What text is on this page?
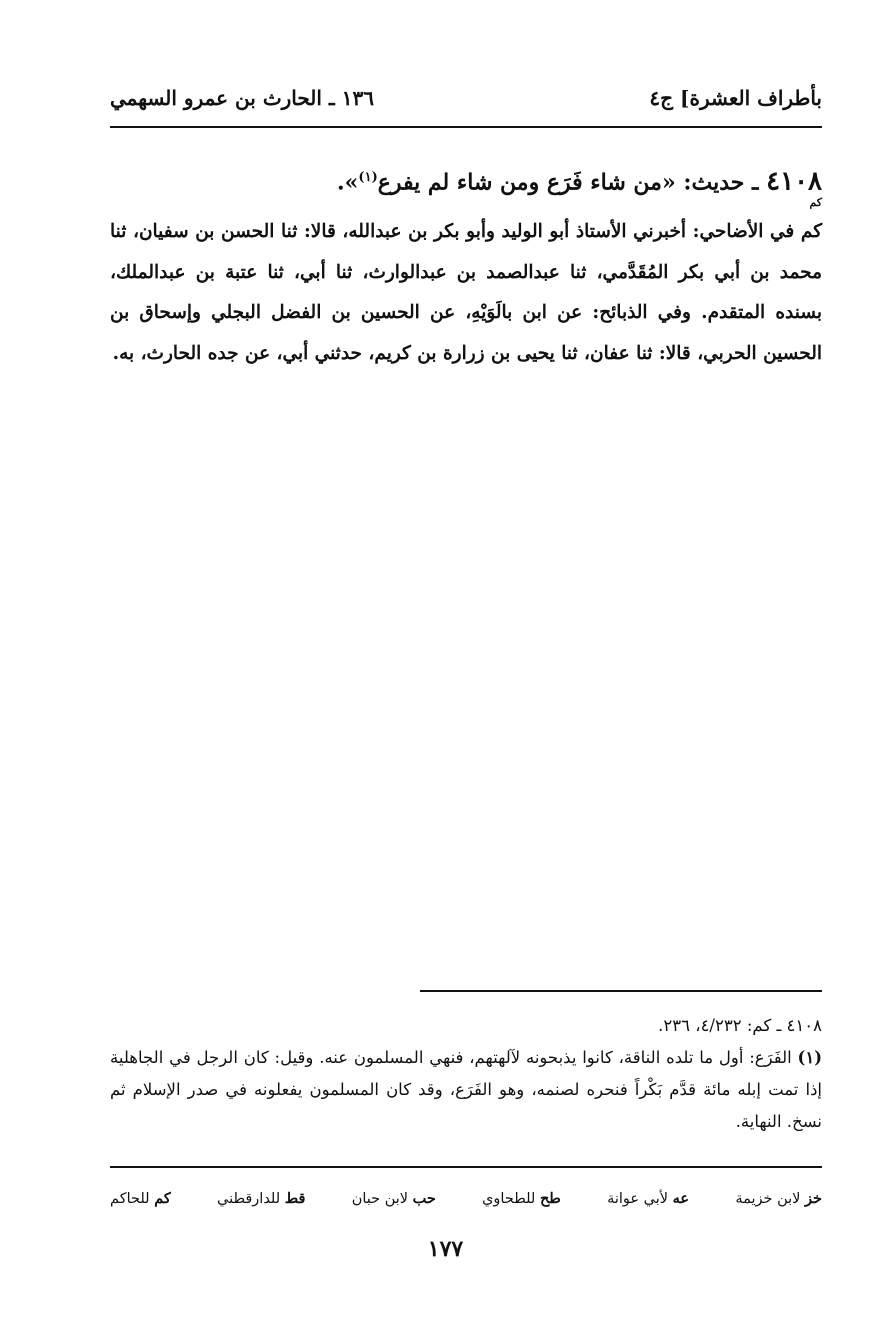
بأطراف العشرة] ج٤
١٣٦ ـ الحارث بن عمرو السهمي
٤١٠٨ ـ حديث: «من شاء فَرَع ومن شاء لم يفرع$^{(١)}$».
كم
كم في الأضاحي: أخبرني الأستاذ أبو الوليد وأبو بكر بن عبدالله، قالا: ثنا الحسن بن سفيان، ثنا محمد بن أبي بكر المُقَدَّمي، ثنا عبدالصمد بن عبدالوارث، ثنا أبي، ثنا عتبة بن عبدالملك، بسنده المتقدم. وفي الذبائح: عن ابن بالَوَيْهِ، عن الحسين بن الفضل البجلي وإسحاق بن الحسين الحربي، قالا: ثنا عفان، ثنا يحيى بن زرارة بن كريم، حدثني أبي، عن جده الحارث، به.
٤١٠٨ ـ كم: ٤/٢٣٢، ٢٣٦.
(١) الفَرَع: أول ما تلده الناقة، كانوا يذبحونه لآلهتهم، فنهي المسلمون عنه. وقيل: كان الرجل في الجاهلية إذا تمت إبله مائة قدَّم بَكْراً فنحره لصنمه، وهو الفَرَع، وقد كان المسلمون يفعلونه في صدر الإسلام ثم نسخ. النهاية.
خز لابن خزيمة
عه لأبي عوانة
طح للطحاوي
حب لابن حبان
قط للدارقطني
كم للحاكم
١٧٧
